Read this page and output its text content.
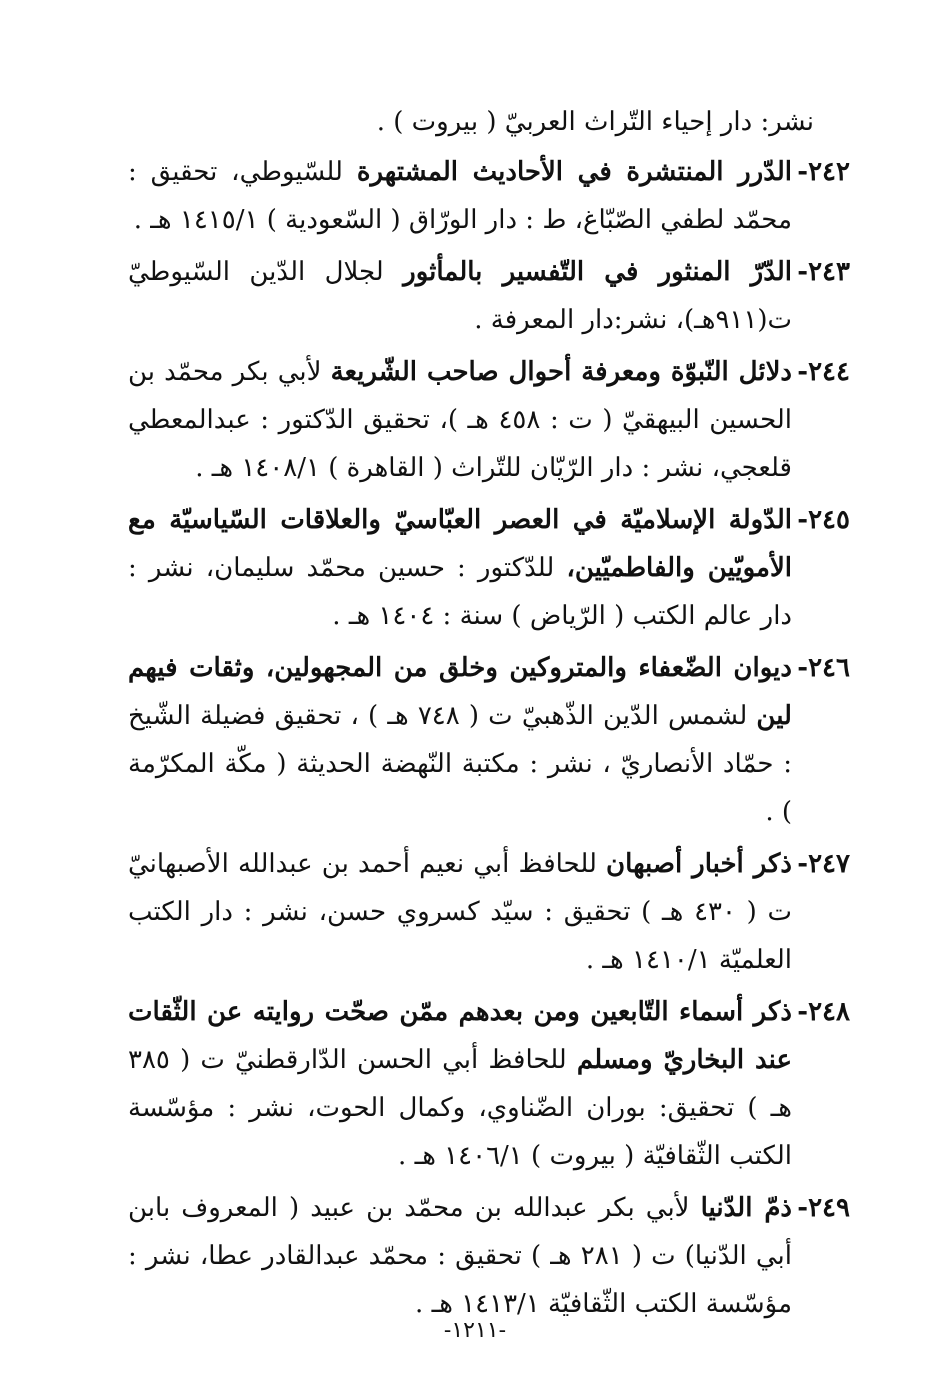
نشر: دار إحياء التّراث العربيّ ( بيروت ) .
٢٤٢-
الدّرر المنتشرة في الأحاديث المشتهرة للسّيوطي، تحقيق : محمّد لطفي الصّبّاغ، ط : دار الورّاق ( السّعودية ) ١٤١٥/١ هـ .
٢٤٣-
الدّرّ المنثور في التّفسير بالمأثور لجلال الدّين السّيوطيّ ت(٩١١هـ)، نشر:دار المعرفة .
٢٤٤-
دلائل النّبوّة ومعرفة أحوال صاحب الشّريعة لأبي بكر محمّد بن الحسين البيهقيّ ( ت : ٤٥٨ هـ )، تحقيق الدّكتور : عبدالمعطي قلعجي، نشر : دار الرّيّان للتّراث ( القاهرة ) ١٤٠٨/١ هـ .
٢٤٥-
الدّولة الإسلاميّة في العصر العبّاسيّ والعلاقات السّياسيّة مع الأمويّين والفاطميّين، للدّكتور : حسين محمّد سليمان، نشر : دار عالم الكتب ( الرّياض ) سنة : ١٤٠٤ هـ .
٢٤٦-
ديوان الضّعفاء والمتروكين وخلق من المجهولين، وثقات فيهم لين لشمس الدّين الذّهبيّ ت ( ٧٤٨ هـ ) ، تحقيق فضيلة الشّيخ : حمّاد الأنصاريّ ، نشر : مكتبة النّهضة الحديثة ( مكّة المكرّمة ) .
٢٤٧-
ذكر أخبار أصبهان للحافظ أبي نعيم أحمد بن عبدالله الأصبهانيّ ت ( ٤٣٠ هـ ) تحقيق : سيّد كسروي حسن، نشر : دار الكتب العلميّة ١٤١٠/١ هـ .
٢٤٨-
ذكر أسماء التّابعين ومن بعدهم ممّن صحّت روايته عن الثّقات عند البخاريّ ومسلم للحافظ أبي الحسن الدّارقطنيّ ت ( ٣٨٥ هـ ) تحقيق: بوران الضّناوي، وكمال الحوت، نشر : مؤسّسة الكتب الثّقافيّة ( بيروت ) ١٤٠٦/١ هـ .
٢٤٩-
ذمّ الدّنيا لأبي بكر عبدالله بن محمّد بن عبيد ( المعروف بابن أبي الدّنيا) ت ( ٢٨١ هـ ) تحقيق : محمّد عبدالقادر عطا، نشر : مؤسّسة الكتب الثّقافيّة ١٤١٣/١ هـ .
-١٢١١-
